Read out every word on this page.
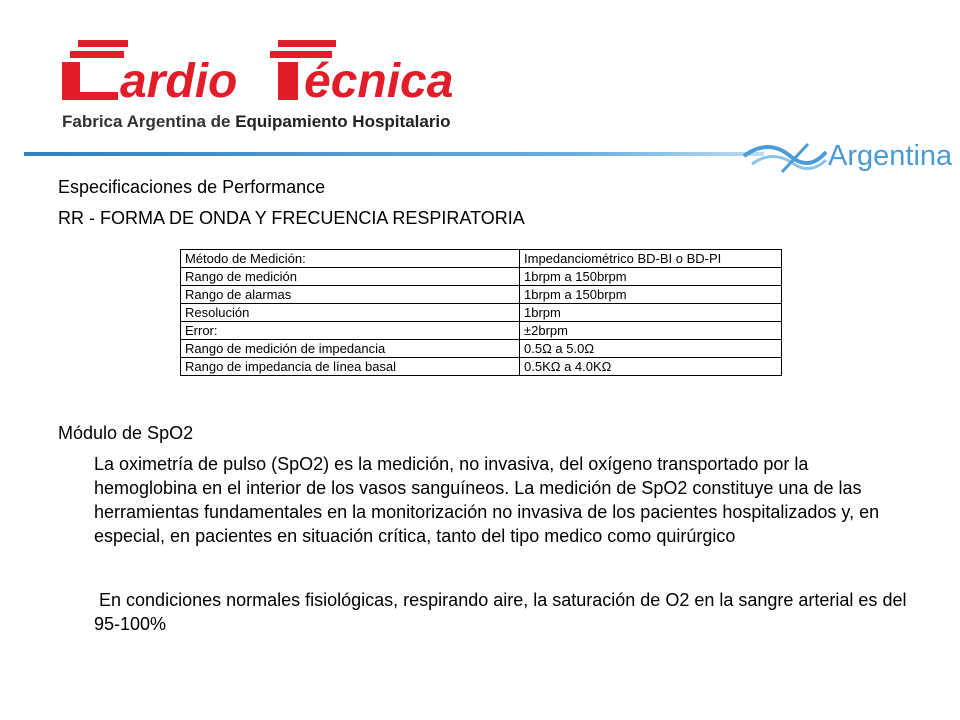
ardio écnica
Fabrica Argentina de Equipamiento Hospitalario
Argentina
Especificaciones de Performance
RR - FORMA DE ONDA Y FRECUENCIA RESPIRATORIA
Método de Medición:	Impedanciométrico BD-BI o BD-PI
Rango de medición	1brpm a 150brpm
Rango de alarmas	1brpm a 150brpm
Resolución	1brpm
Error:	±2brpm
Rango de medición de impedancia	0.5Ω a 5.0Ω
Rango de impedancia de línea basal	0.5KΩ a 4.0KΩ
Módulo de SpO2
La oximetría de pulso (SpO2) es la medición, no invasiva, del oxígeno transportado por la hemoglobina en el interior de los vasos sanguíneos. La medición de SpO2 constituye una de las herramientas fundamentales en la monitorización no invasiva de los pacientes hospitalizados y, en especial, en pacientes en situación crítica, tanto del tipo medico como quirúrgico
En condiciones normales fisiológicas, respirando aire, la saturación de O2 en la sangre arterial es del 95-100%
